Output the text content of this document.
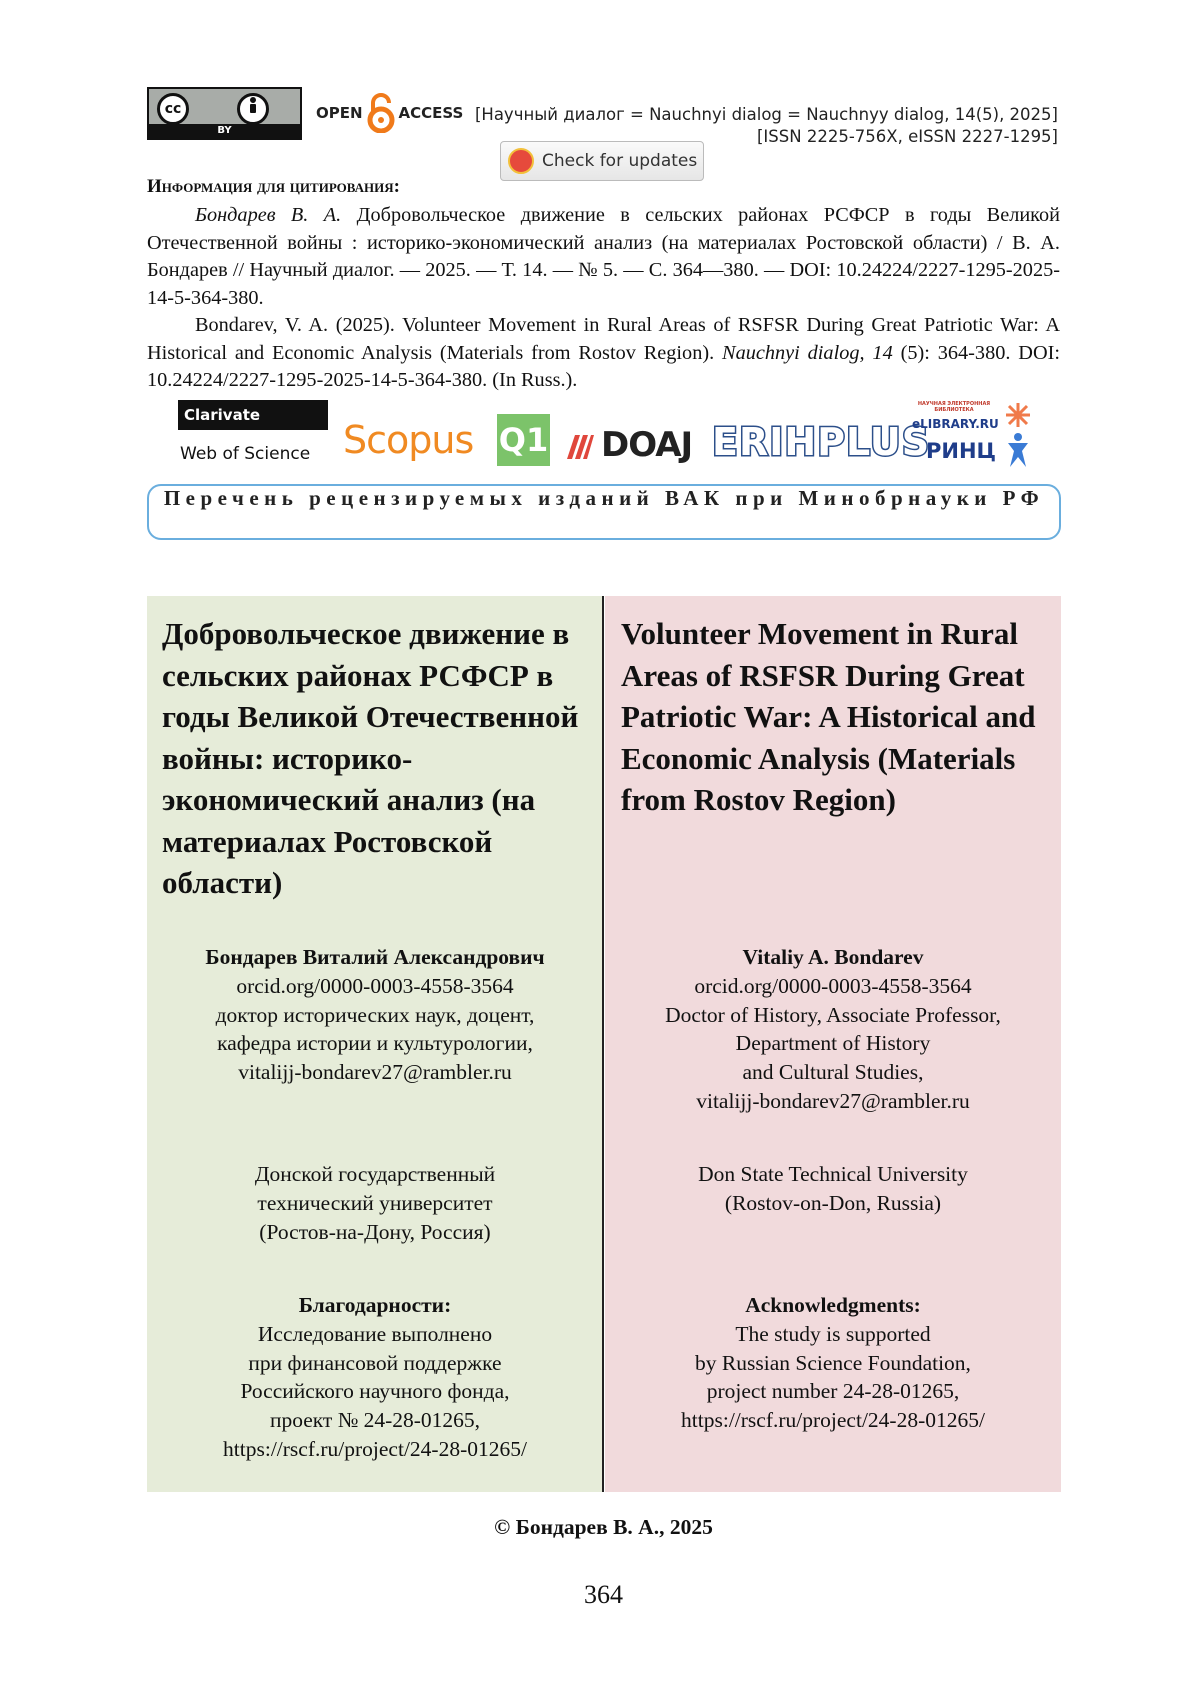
cc
BY
OPEN ACCESS [Научный диалог = Nauchnyi dialog = Nauchnyy dialog, 14(5), 2025]
[ISSN 2225-756X, eISSN 2227-1295]
Check for updates
Информация для цитирования:
Бондарев В. А. Добровольческое движение в сельских районах РСФСР в годы Великой Отечественной войны : историко-экономический анализ (на материалах Ростовской области) / В. А. Бондарев // Научный диалог. — 2025. — Т. 14. — № 5. — С. 364—380. — DOI: 10.24224/2227-1295-2025-14-5-364-380.
Bondarev, V. A. (2025). Volunteer Movement in Rural Areas of RSFSR During Great Patriotic War: A Historical and Economic Analysis (Materials from Rostov Region). Nauchnyi dialog, 14 (5): 364-380. DOI: 10.24224/2227-1295-2025-14-5-364-380. (In Russ.).
Clarivate
Web of Science Scopus Q1 DOAJ ERIHPLUS
НАУЧНАЯ ЭЛЕКТРОННАЯ БИБЛИОТЕКА
eLIBRARY.RU
РИНЦ
Перечень рецензируемых изданий ВАК при Минобрнауки РФ
Добровольческое движение в сельских районах РСФСР в годы Великой Отечественной войны: историко-экономический анализ (на материалах Ростовской области)
Volunteer Movement in Rural Areas of RSFSR During Great Patriotic War: A Historical and Economic Analysis (Materials from Rostov Region)
Бондарев Виталий Александрович
orcid.org/0000-0003-4558-3564
доктор исторических наук, доцент,
кафедра истории и культурологии,
vitalijj-bondarev27@rambler.ru
Vitaliy A. Bondarev
orcid.org/0000-0003-4558-3564
Doctor of History, Associate Professor,
Department of History
and Cultural Studies,
vitalijj-bondarev27@rambler.ru
Донской государственный
технический университет
(Ростов-на-Дону, Россия)
Don State Technical University
(Rostov-on-Don, Russia)
Благодарности:
Исследование выполнено
при финансовой поддержке
Российского научного фонда,
проект № 24-28-01265,
https://rscf.ru/project/24-28-01265/
Acknowledgments:
The study is supported
by Russian Science Foundation,
project number 24-28-01265,
https://rscf.ru/project/24-28-01265/
© Бондарев В. А., 2025
364
